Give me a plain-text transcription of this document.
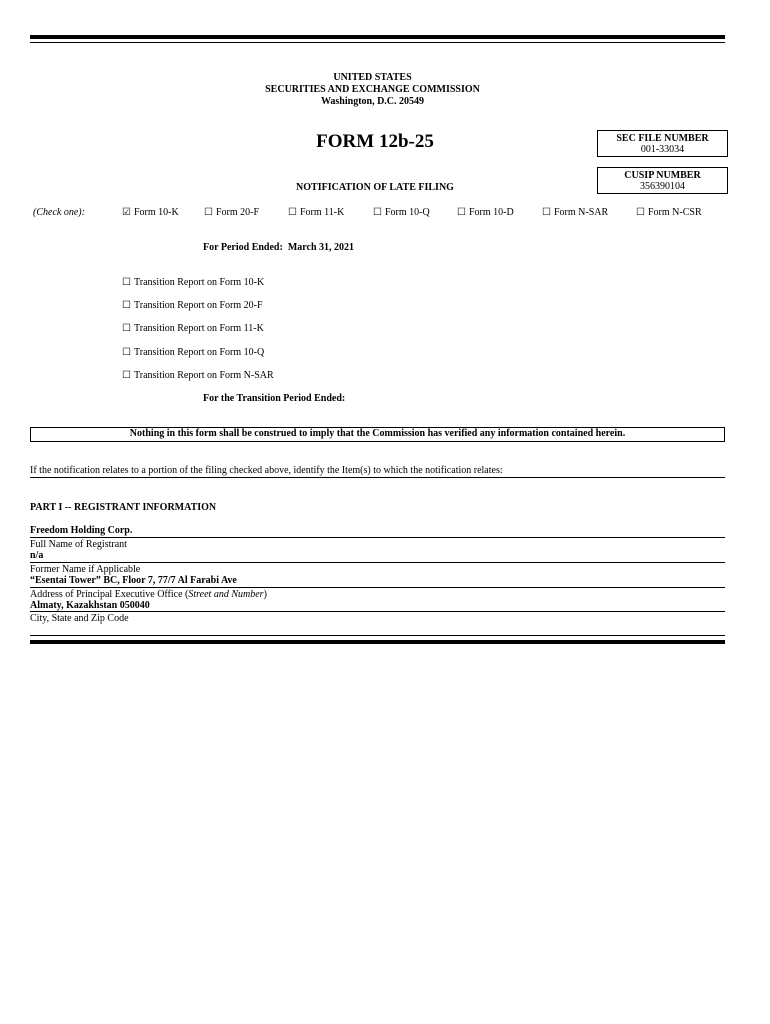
UNITED STATES
SECURITIES AND EXCHANGE COMMISSION
Washington, D.C. 20549
FORM 12b-25	SEC FILE NUMBER
001-33034
CUSIP NUMBER
356390104
NOTIFICATION OF LATE FILING
(Check one):	☑ Form 10-K	☐ Form 20-F	☐ Form 11-K	☐ Form 10-Q	☐ Form 10-D	☐ Form N-SAR	☐ Form N-CSR
For Period Ended:  March 31, 2021
☐ Transition Report on Form 10-K
☐ Transition Report on Form 20-F
☐ Transition Report on Form 11-K
☐ Transition Report on Form 10-Q
☐ Transition Report on Form N-SAR
For the Transition Period Ended:
Nothing in this form shall be construed to imply that the Commission has verified any information contained herein.
If the notification relates to a portion of the filing checked above, identify the Item(s) to which the notification relates:
PART I -- REGISTRANT INFORMATION
Freedom Holding Corp.
Full Name of Registrant
n/a
Former Name if Applicable
“Esentai Tower” BC, Floor 7, 77/7 Al Farabi Ave
Address of Principal Executive Office (Street and Number)
Almaty, Kazakhstan 050040
City, State and Zip Code
